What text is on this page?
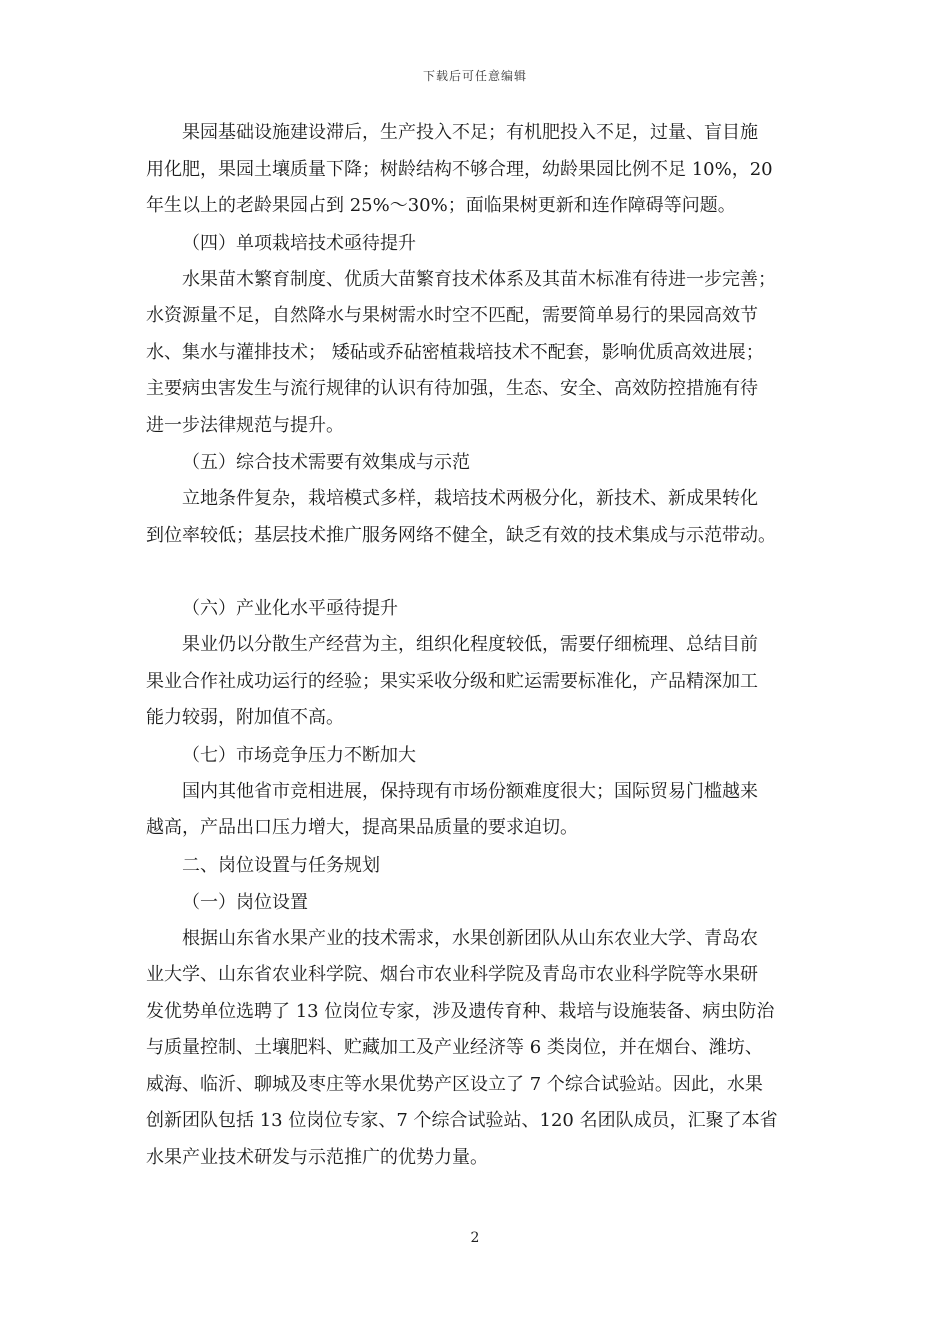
下载后可任意编辑
果园基础设施建设滞后，生产投入不足；有机肥投入不足，过量、盲目施
用化肥，果园土壤质量下降；树龄结构不够合理，幼龄果园比例不足 10%，20
年生以上的老龄果园占到 25%～30%；面临果树更新和连作障碍等问题。
（四）单项栽培技术亟待提升
水果苗木繁育制度、优质大苗繁育技术体系及其苗木标准有待进一步完善；
水资源量不足，自然降水与果树需水时空不匹配，需要简单易行的果园高效节
水、集水与灌排技术； 矮砧或乔砧密植栽培技术不配套，影响优质高效进展；
主要病虫害发生与流行规律的认识有待加强，生态、安全、高效防控措施有待
进一步法律规范与提升。
（五）综合技术需要有效集成与示范
立地条件复杂，栽培模式多样，栽培技术两极分化，新技术、新成果转化
到位率较低；基层技术推广服务网络不健全，缺乏有效的技术集成与示范带动。
（六）产业化水平亟待提升
果业仍以分散生产经营为主，组织化程度较低，需要仔细梳理、总结目前
果业合作社成功运行的经验；果实采收分级和贮运需要标准化，产品精深加工
能力较弱，附加值不高。
（七）市场竞争压力不断加大
国内其他省市竞相进展，保持现有市场份额难度很大；国际贸易门槛越来
越高，产品出口压力增大，提高果品质量的要求迫切。
二、岗位设置与任务规划
（一）岗位设置
根据山东省水果产业的技术需求，水果创新团队从山东农业大学、青岛农
业大学、山东省农业科学院、烟台市农业科学院及青岛市农业科学院等水果研
发优势单位选聘了 13 位岗位专家，涉及遗传育种、栽培与设施装备、病虫防治
与质量控制、土壤肥料、贮藏加工及产业经济等 6 类岗位，并在烟台、潍坊、
威海、临沂、聊城及枣庄等水果优势产区设立了 7 个综合试验站。因此，水果
创新团队包括 13 位岗位专家、7 个综合试验站、120 名团队成员，汇聚了本省
水果产业技术研发与示范推广的优势力量。
2
